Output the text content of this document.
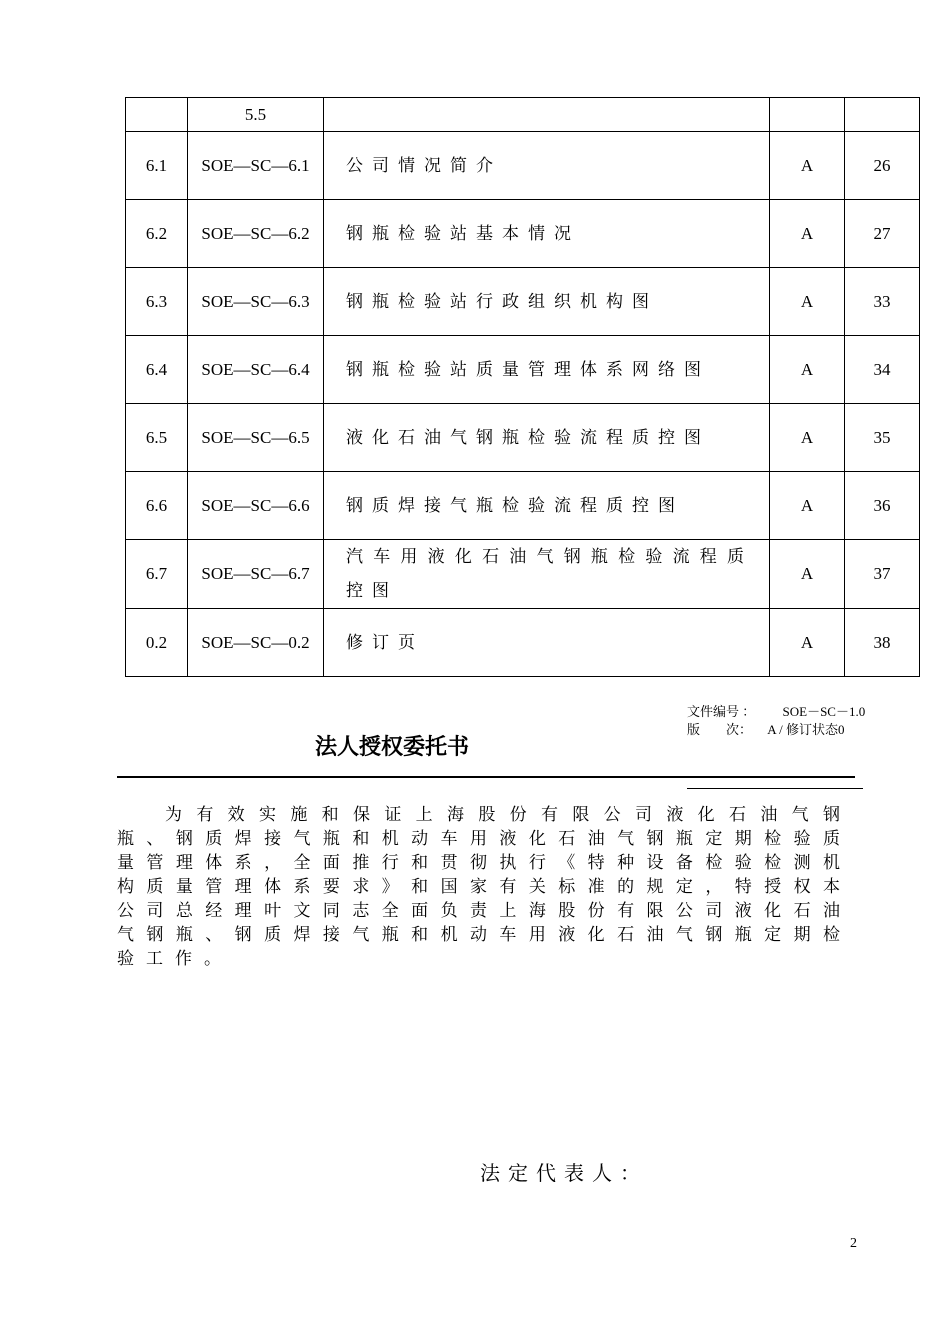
	5.5			
6.1	SOE—SC—6.1	公司情况简介	A	26
6.2	SOE—SC—6.2	钢瓶检验站基本情况	A	27
6.3	SOE—SC—6.3	钢瓶检验站行政组织机构图	A	33
6.4	SOE—SC—6.4	钢瓶检验站质量管理体系网络图	A	34
6.5	SOE—SC—6.5	液化石油气钢瓶检验流程质控图	A	35
6.6	SOE—SC—6.6	钢质焊接气瓶检验流程质控图	A	36
6.7	SOE—SC—6.7	汽车用液化石油气钢瓶检验流程质控图	A	37
0.2	SOE—SC—0.2	修订页	A	38
文件编号 ： SOE－SC－1.0
版　　次： A / 修订状态0
法人授权委托书
为有效实施和保证上海股份有限公司液化石油气钢瓶、钢质焊接气瓶和机动车用液化石油气钢瓶定期检验质量管理体系，全面推行和贯彻执行《特种设备检验检测机构质量管理体系要求》和国家有关标准的规定，特授权本公司总经理叶文同志全面负责上海股份有限公司液化石油气钢瓶、钢质焊接气瓶和机动车用液化石油气钢瓶定期检验工作。
法定代表人：
2
